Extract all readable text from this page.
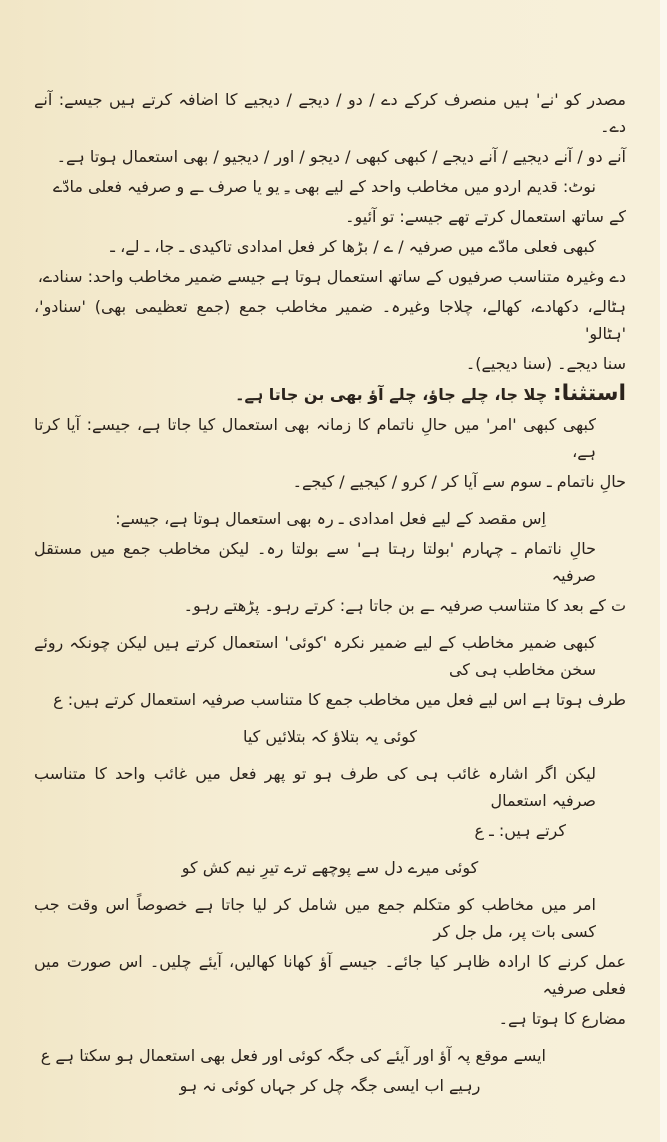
مصدر کو 'نے' ہیں منصرف کرکے دے / دو / دیجے / دیجیے کا اضافہ کرتے ہیں جیسے: آنے دے۔
آنے دو / آنے دیجیے / آنے دیجے / کبھی کبھی / دیجو / اور / دیجیو / بھی استعمال ہوتا ہے۔
نوٹ: قدیم اردو میں مخاطب واحد کے لیے بھی ـِ یو یا صرف ـے و صرفیہ فعلی مادّے
کے ساتھ استعمال کرتے تھے جیسے: تو آئیو۔
کبھی فعلی مادّے میں صرفیہ / ے / بڑھا کر فعل امدادی تاکیدی ـ جا، ـ لے، ـ
دے وغیرہ متناسب صرفیوں کے ساتھ استعمال ہوتا ہے جیسے ضمیر مخاطب واحد: سنادے،
ہٹالے، دکھادے، کھالے، چلاجا وغیرہ۔ ضمیر مخاطب جمع (جمع تعظیمی بھی) 'سنادو'، 'ہٹالو'
سنا دیجے۔ (سنا دیجیے)۔
استثنا: چلا جا، چلے جاؤ، چلے آؤ بھی بن جاتا ہے۔
کبھی کبھی 'امر' میں حالِ ناتمام کا زمانہ بھی استعمال کیا جاتا ہے، جیسے: آیا کرتا ہے،
حالِ ناتمام ـ سوم سے آیا کر / کرو / کیجیے / کیجے۔
اِس مقصد کے لیے فعل امدادی ـ رہ بھی استعمال ہوتا ہے، جیسے:
حالِ ناتمام ـ چہارم 'بولتا رہتا ہے' سے بولتا رہ۔ لیکن مخاطب جمع میں مستقل صرفیہ
ت کے بعد کا متناسب صرفیہ ـے بن جاتا ہے: کرتے رہو۔ پڑھتے رہو۔
کبھی ضمیر مخاطب کے لیے ضمیر نکرہ 'کوئی' استعمال کرتے ہیں لیکن چونکہ روئے سخن مخاطب ہی کی
طرف ہوتا ہے اس لیے فعل میں مخاطب جمع کا متناسب صرفیہ استعمال کرتے ہیں: ع
کوئی یہ بتلاؤ کہ بتلائیں کیا
لیکن اگر اشارہ غائب ہی کی طرف ہو تو پھر فعل میں غائب واحد کا متناسب صرفیہ استعمال
کرتے ہیں: ـ ع
کوئی میرے دل سے پوچھے ترے تیرِ نیم کش کو
امر میں مخاطب کو متکلم جمع میں شامل کر لیا جاتا ہے خصوصاً اس وقت جب کسی بات پر، مل جل کر
عمل کرنے کا ارادہ ظاہر کیا جائے۔ جیسے آؤ کھانا کھالیں، آیئے چلیں۔ اس صورت میں فعلی صرفیہ
مضارع کا ہوتا ہے۔
ایسے موقع پہ آؤ اور آیئے کی جگہ کوئی اور فعل بھی استعمال ہو سکتا ہے ع
رہیے اب ایسی جگہ چل کر جہاں کوئی نہ ہو
